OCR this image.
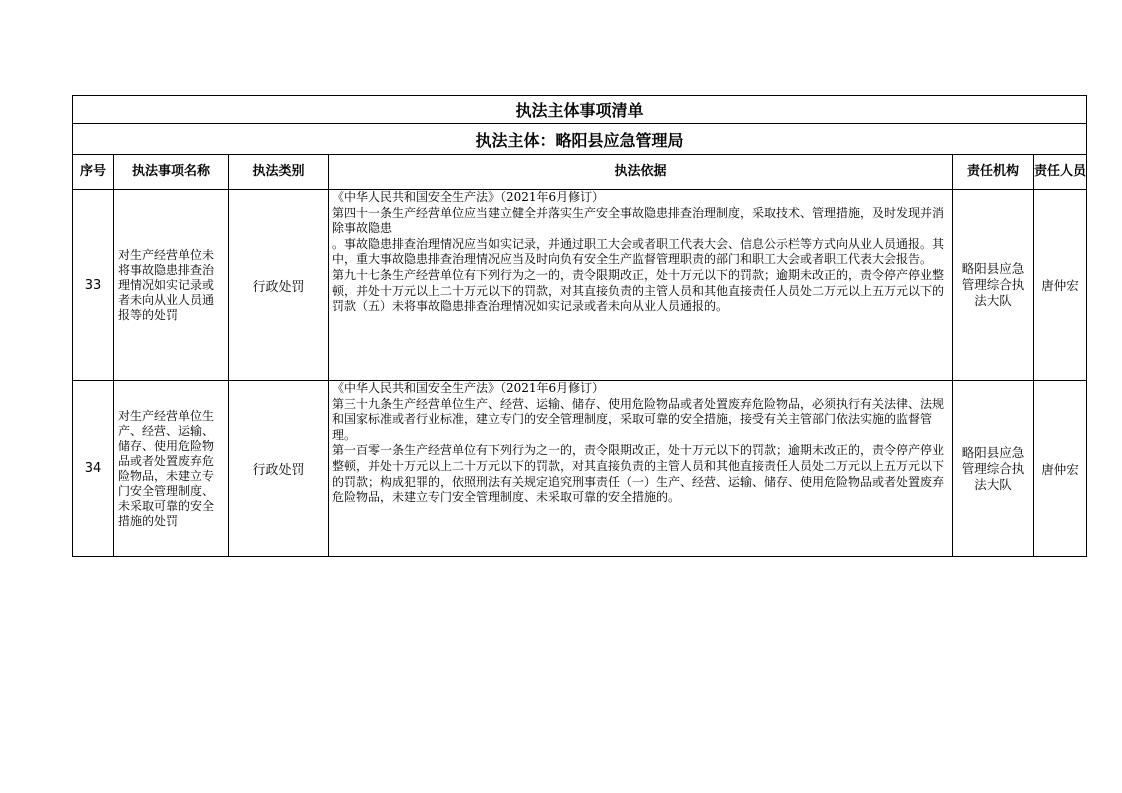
执法主体事项清单					
执法主体：略阳县应急管理局					
序号	执法事项名称	执法类别	执法依据	责任机构	责任人员
33	对生产经营单位未将事故隐患排查治理情况如实记录或者未向从业人员通报等的处罚	行政处罚	《中华人民共和国安全生产法》（2021年6月修订）
第四十一条生产经营单位应当建立健全并落实生产安全事故隐患排查治理制度，采取技术、管理措施，及时发现并消除事故隐患
。事故隐患排查治理情况应当如实记录，并通过职工大会或者职工代表大会、信息公示栏等方式向从业人员通报。其中，重大事故隐患排查治理情况应当及时向负有安全生产监督管理职责的部门和职工大会或者职工代表大会报告。
第九十七条生产经营单位有下列行为之一的，责令限期改正，处十万元以下的罚款；逾期未改正的，责令停产停业整顿，并处十万元以上二十万元以下的罚款，对其直接负责的主管人员和其他直接责任人员处二万元以上五万元以下的罚款（五）未将事故隐患排查治理情况如实记录或者未向从业人员通报的。	略阳县应急管理综合执法大队	唐仲宏
34	对生产经营单位生产、经营、运输、储存、使用危险物品或者处置废弃危险物品，未建立专门安全管理制度、未采取可靠的安全措施的处罚	行政处罚	《中华人民共和国安全生产法》（2021年6月修订）
第三十九条生产经营单位生产、经营、运输、储存、使用危险物品或者处置废弃危险物品，必须执行有关法律、法规和国家标准或者行业标准，建立专门的安全管理制度，采取可靠的安全措施，接受有关主管部门依法实施的监督管理。
第一百零一条生产经营单位有下列行为之一的，责令限期改正，处十万元以下的罚款；逾期未改正的，责令停产停业整顿，并处十万元以上二十万元以下的罚款，对其直接负责的主管人员和其他直接责任人员处二万元以上五万元以下的罚款；构成犯罪的，依照刑法有关规定追究刑事责任（一）生产、经营、运输、储存、使用危险物品或者处置废弃危险物品，未建立专门安全管理制度、未采取可靠的安全措施的。	略阳县应急管理综合执法大队	唐仲宏
